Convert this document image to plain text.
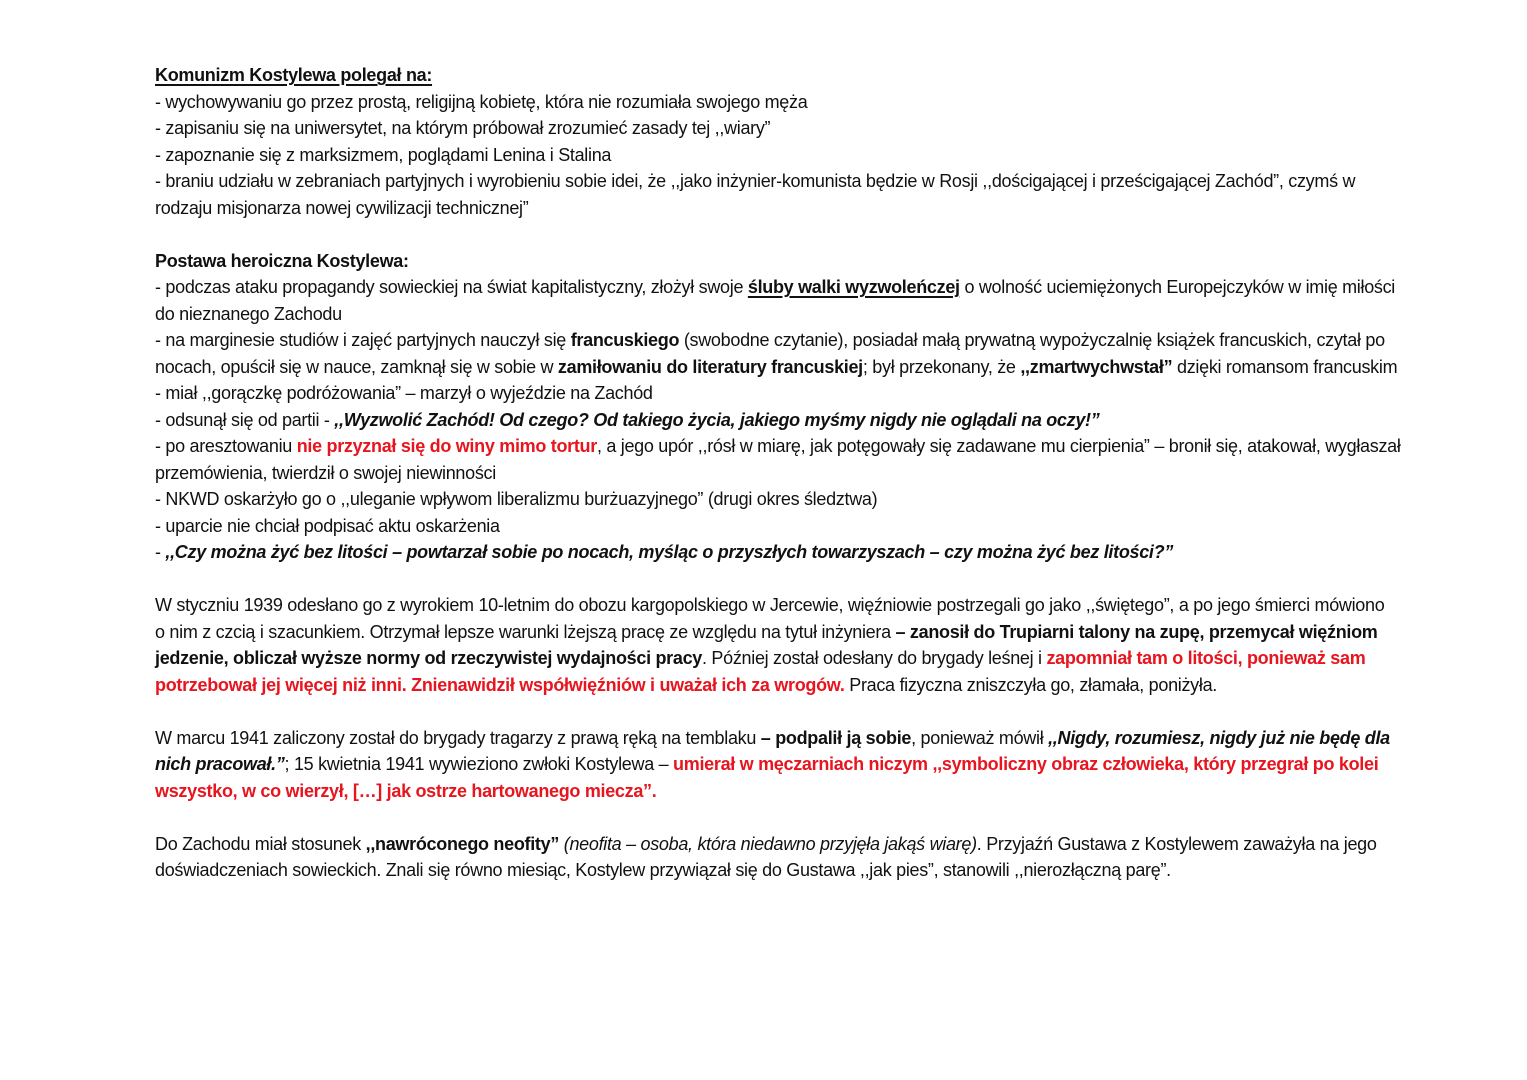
Komunizm Kostylewa polegał na:
- wychowywaniu go przez prostą, religijną kobietę, która nie rozumiała swojego męża
- zapisaniu się na uniwersytet, na którym próbował zrozumieć zasady tej ,,wiary”
- zapoznanie się z marksizmem, poglądami Lenina i Stalina
- braniu udziału w zebraniach partyjnych i wyrobieniu sobie idei, że ,,jako inżynier-komunista będzie w Rosji ,,dościgającej i prześcigającej Zachód”, czymś w
rodzaju misjonarza nowej cywilizacji technicznej”
Postawa heroiczna Kostylewa:
- podczas ataku propagandy sowieckiej na świat kapitalistyczny, złożył swoje śluby walki wyzwoleńczej o wolność uciemiężonych Europejczyków w imię miłości
do nieznanego Zachodu
- na marginesie studiów i zajęć partyjnych nauczył się francuskiego (swobodne czytanie), posiadał małą prywatną wypożyczalnię książek francuskich, czytał po
nocach, opuścił się w nauce, zamknął się w sobie w zamiłowaniu do literatury francuskiej; był przekonany, że ,,zmartwychwstał” dzięki romansom francuskim
- miał ,,gorączkę podróżowania” – marzył o wyjeździe na Zachód
- odsunął się od partii - ,,Wyzwolić Zachód! Od czego? Od takiego życia, jakiego myśmy nigdy nie oglądali na oczy!”
- po aresztowaniu nie przyznał się do winy mimo tortur, a jego upór ,,rósł w miarę, jak potęgowały się zadawane mu cierpienia” – bronił się, atakował, wygłaszał
przemówienia, twierdził o swojej niewinności
- NKWD oskarżyło go o ,,uleganie wpływom liberalizmu burżuazyjnego” (drugi okres śledztwa)
- uparcie nie chciał podpisać aktu oskarżenia
- ,,Czy można żyć bez litości – powtarzał sobie po nocach, myśląc o przyszłych towarzyszach – czy można żyć bez litości?”
W styczniu 1939 odesłano go z wyrokiem 10-letnim do obozu kargopolskiego w Jercewie, więźniowie postrzegali go jako ,,świętego”, a po jego śmierci mówiono
o nim z czcią i szacunkiem. Otrzymał lepsze warunki lżejszą pracę ze względu na tytuł inżyniera – zanosił do Trupiarni talony na zupę, przemycał więźniom
jedzenie, obliczał wyższe normy od rzeczywistej wydajności pracy. Później został odesłany do brygady leśnej i zapomniał tam o litości, ponieważ sam
potrzebował jej więcej niż inni. Znienawidził współwięźniów i uważał ich za wrogów. Praca fizyczna zniszczyła go, złamała, poniżyła.
W marcu 1941 zaliczony został do brygady tragarzy z prawą ręką na temblaku – podpalił ją sobie, ponieważ mówił ,,Nigdy, rozumiesz, nigdy już nie będę dla
nich pracował.”; 15 kwietnia 1941 wywieziono zwłoki Kostylewa – umierał w męczarniach niczym ,,symboliczny obraz człowieka, który przegrał po kolei
wszystko, w co wierzył, […] jak ostrze hartowanego miecza”.
Do Zachodu miał stosunek ,,nawróconego neofity” (neofita – osoba, która niedawno przyjęła jakąś wiarę). Przyjaźń Gustawa z Kostylewem zaważyła na jego
doświadczeniach sowieckich. Znali się równo miesiąc, Kostylew przywiązał się do Gustawa ,,jak pies”, stanowili ,,nierozłączną parę”.
